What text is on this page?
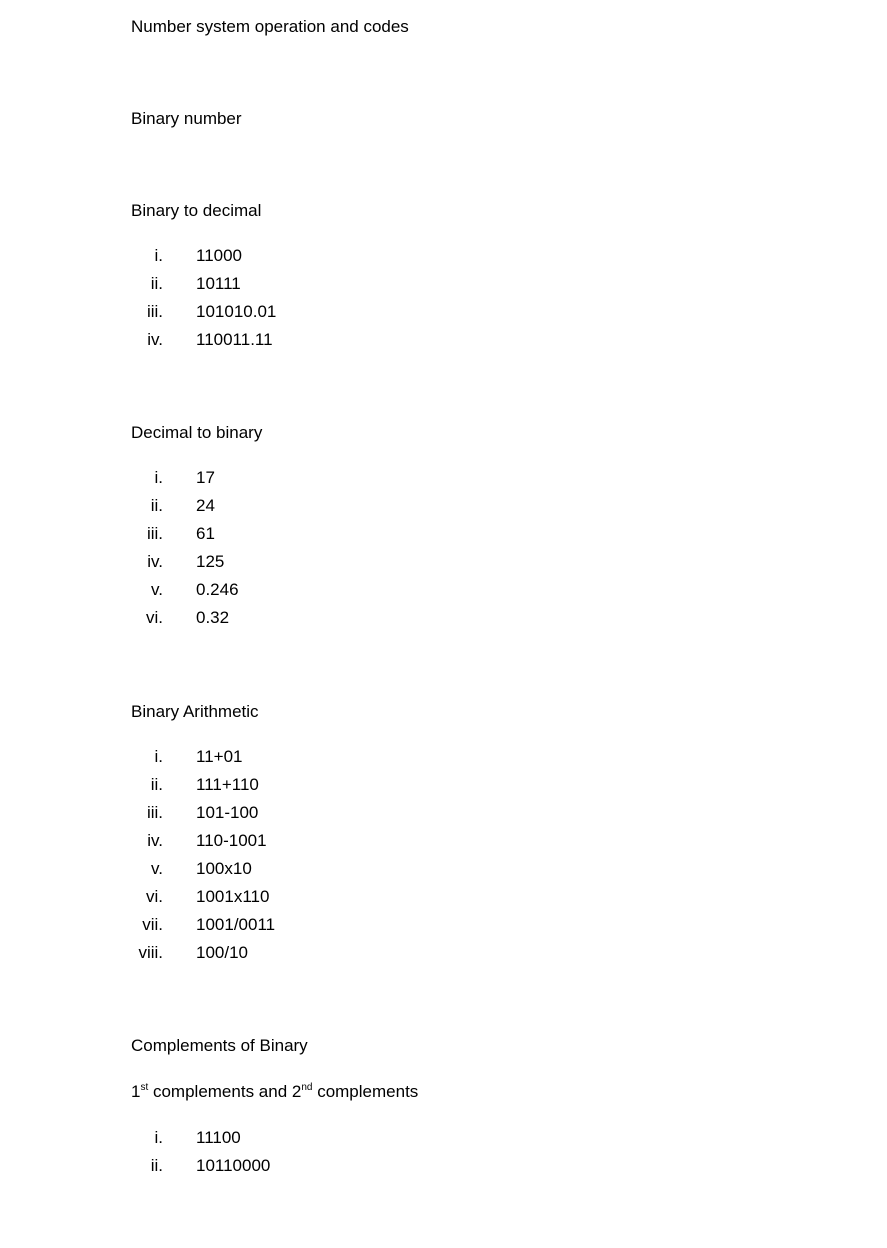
Number system operation and codes
Binary number
Binary to decimal
i. 11000
ii. 10111
iii. 101010.01
iv. 110011.11
Decimal to binary
i. 17
ii. 24
iii. 61
iv. 125
v. 0.246
vi. 0.32
Binary Arithmetic
i. 11+01
ii. 111+110
iii. 101-100
iv. 110-1001
v. 100x10
vi. 1001x110
vii. 1001/0011
viii. 100/10
Complements of Binary
1st complements and 2nd complements
i. 11100
ii. 10110000
